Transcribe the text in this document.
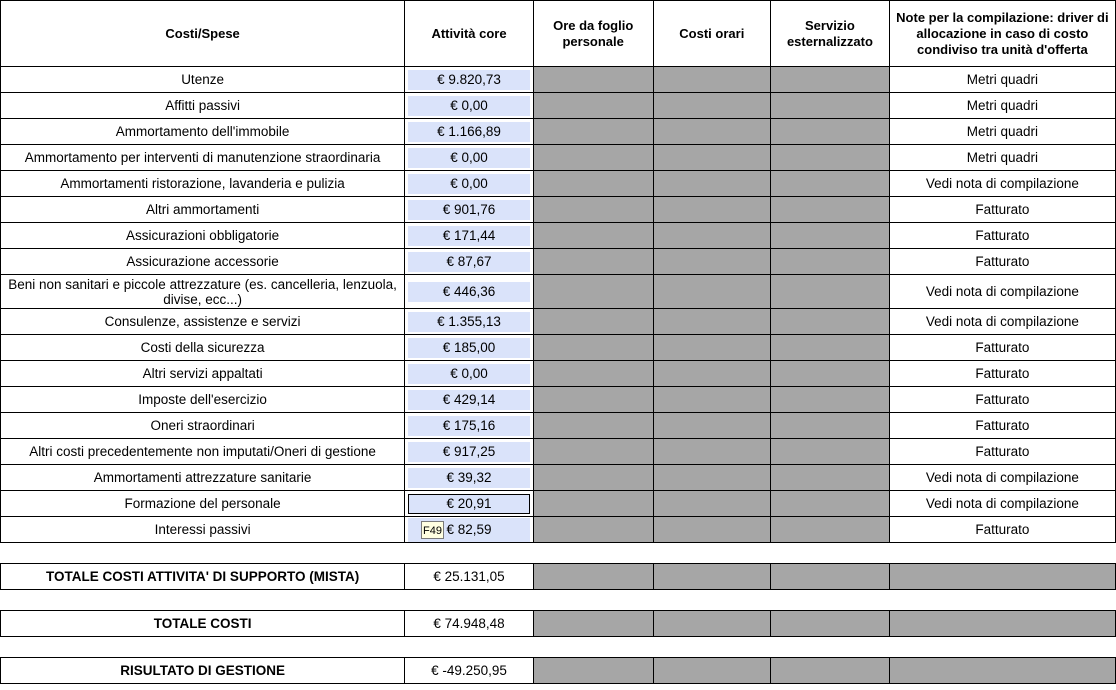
Costi/Spese	Attività core	Ore da foglio personale	Costi orari	Servizio esternalizzato	Note per la compilazione: driver di allocazione in caso di costo condiviso tra unità d'offerta
Utenze	€ 9.820,73				Metri quadri
Affitti passivi	€ 0,00				Metri quadri
Ammortamento dell'immobile	€ 1.166,89				Metri quadri
Ammortamento per interventi di manutenzione straordinaria	€ 0,00				Metri quadri
Ammortamenti ristorazione, lavanderia e pulizia	€ 0,00				Vedi nota di compilazione
Altri ammortamenti	€ 901,76				Fatturato
Assicurazioni obbligatorie	€ 171,44				Fatturato
Assicurazione accessorie	€ 87,67				Fatturato
Beni non sanitari e piccole attrezzature (es. cancelleria, lenzuola, divise, ecc...)	€ 446,36				Vedi nota di compilazione
Consulenze, assistenze e servizi	€ 1.355,13				Vedi nota di compilazione
Costi della sicurezza	€ 185,00				Fatturato
Altri servizi appaltati	€ 0,00				Fatturato
Imposte dell'esercizio	€ 429,14				Fatturato
Oneri straordinari	€ 175,16				Fatturato
Altri costi precedentemente non imputati/Oneri di gestione	€ 917,25				Fatturato
Ammortamenti attrezzature sanitarie	€ 39,32				Vedi nota di compilazione
Formazione del personale	€ 20,91				Vedi nota di compilazione
Interessi passivi	€ 82,59				Fatturato

TOTALE COSTI ATTIVITA' DI SUPPORTO (MISTA)	€ 25.131,05				

TOTALE COSTI	€ 74.948,48				

RISULTATO DI GESTIONE	€ -49.250,95				
F49
